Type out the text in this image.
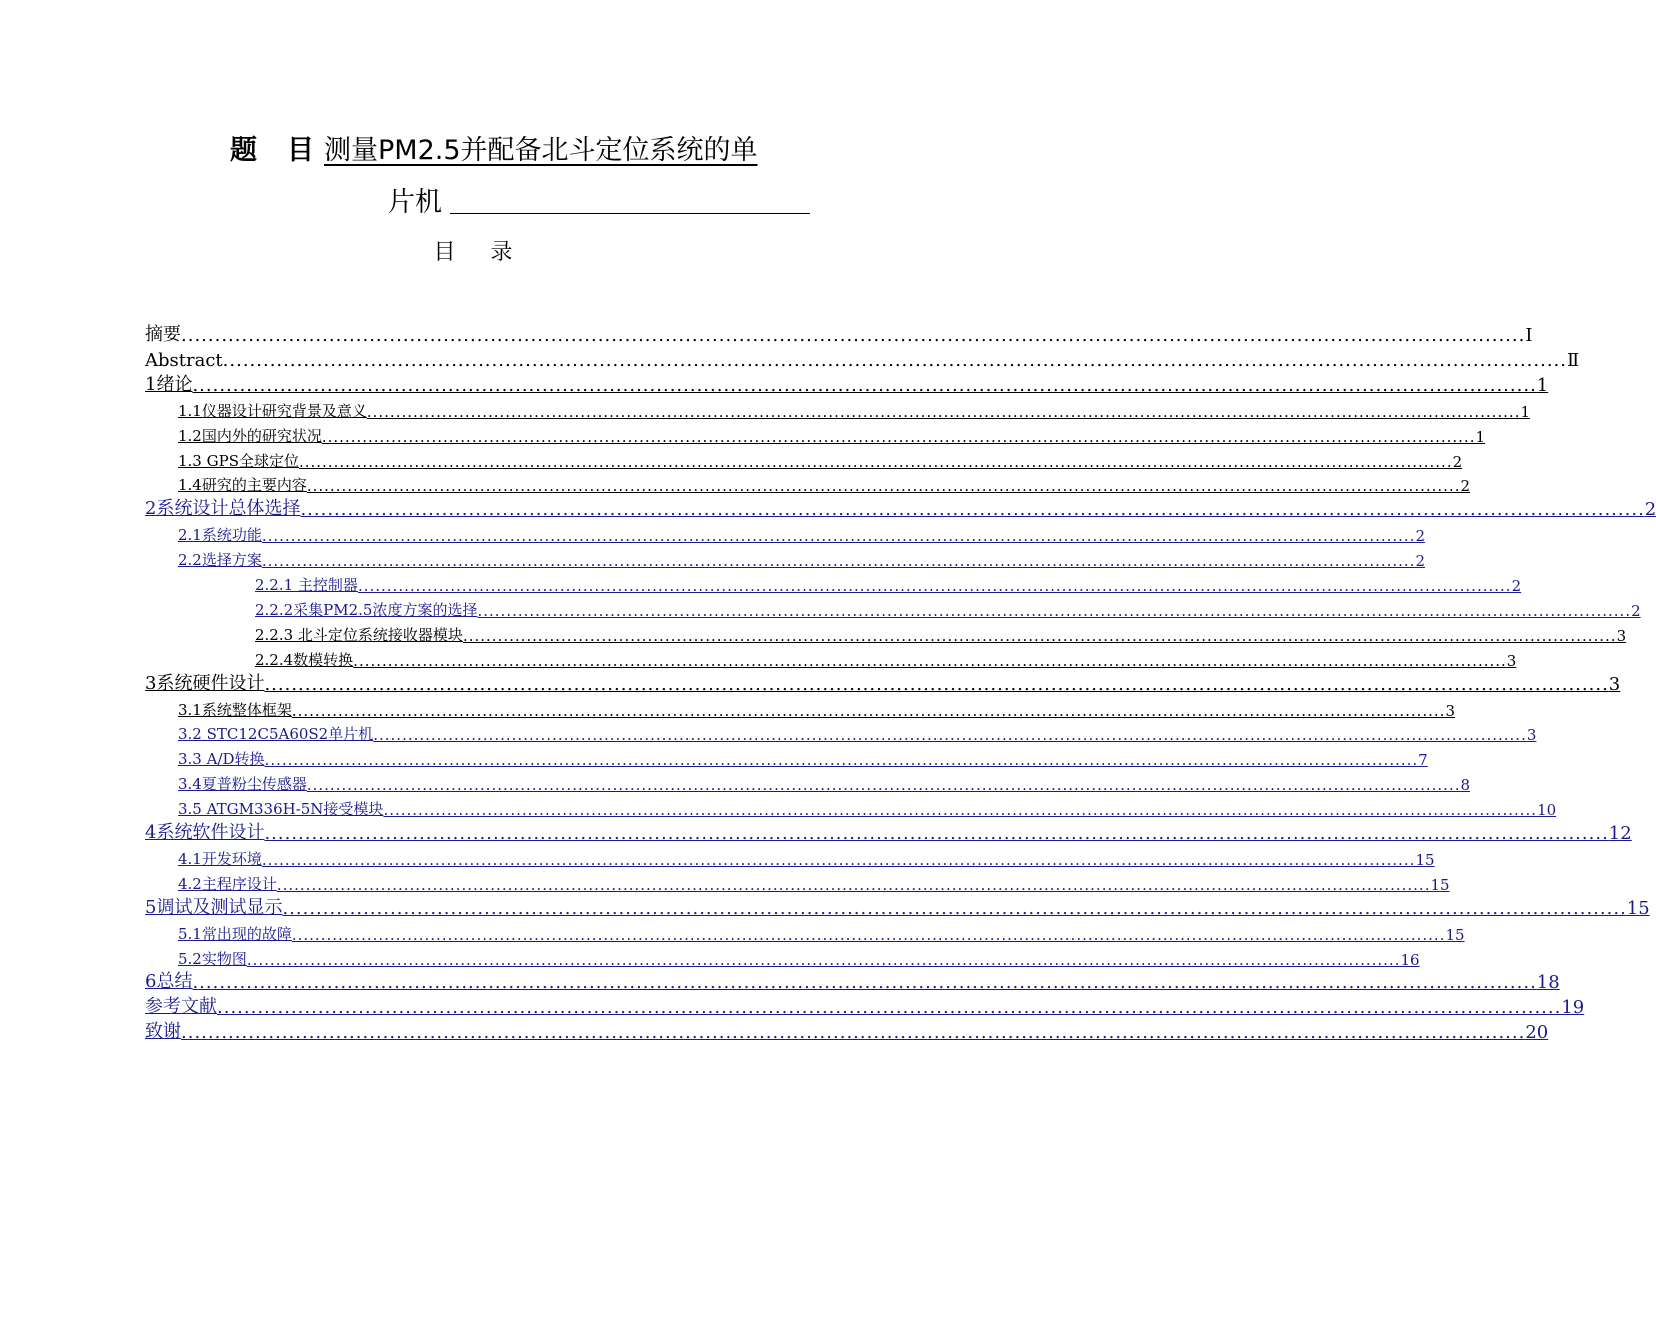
题 目 测量PM2.5并配备北斗定位系统的单
片机
目 录
摘要 ........................................................................................................................................................................................................ Ⅰ
Abstract ........................................................................................................................................................................................................ Ⅱ
1绪论 ........................................................................................................................................................................................................ 1
1.1仪器设计研究背景及意义 ........................................................................................................................................................................................................ 1
1.2国内外的研究状况 ........................................................................................................................................................................................................ 1
1.3 GPS全球定位 ........................................................................................................................................................................................................ 2
1.4研究的主要内容 ........................................................................................................................................................................................................ 2
2系统设计总体选择 ........................................................................................................................................................................................................ 2
2.1系统功能 ........................................................................................................................................................................................................ 2
2.2选择方案 ........................................................................................................................................................................................................ 2
2.2.1 主控制器 ........................................................................................................................................................................................................ 2
2.2.2采集PM2.5浓度方案的选择 ........................................................................................................................................................................................................ 2
2.2.3 北斗定位系统接收器模块 ........................................................................................................................................................................................................ 3
2.2.4数模转换 ........................................................................................................................................................................................................ 3
3系统硬件设计 ........................................................................................................................................................................................................ 3
3.1系统整体框架 ........................................................................................................................................................................................................ 3
3.2 STC12C5A60S2单片机 ........................................................................................................................................................................................................ 3
3.3 A/D转换 ........................................................................................................................................................................................................ 7
3.4夏普粉尘传感器 ........................................................................................................................................................................................................ 8
3.5 ATGM336H-5N接受模块 ........................................................................................................................................................................................................ 10
4系统软件设计 ........................................................................................................................................................................................................ 12
4.1开发环境 ........................................................................................................................................................................................................ 15
4.2主程序设计 ........................................................................................................................................................................................................ 15
5调试及测试显示 ........................................................................................................................................................................................................ 15
5.1常出现的故障 ........................................................................................................................................................................................................ 15
5.2实物图 ........................................................................................................................................................................................................ 16
6总结 ........................................................................................................................................................................................................ 18
参考文献 ........................................................................................................................................................................................................ 19
致谢 ........................................................................................................................................................................................................ 20
